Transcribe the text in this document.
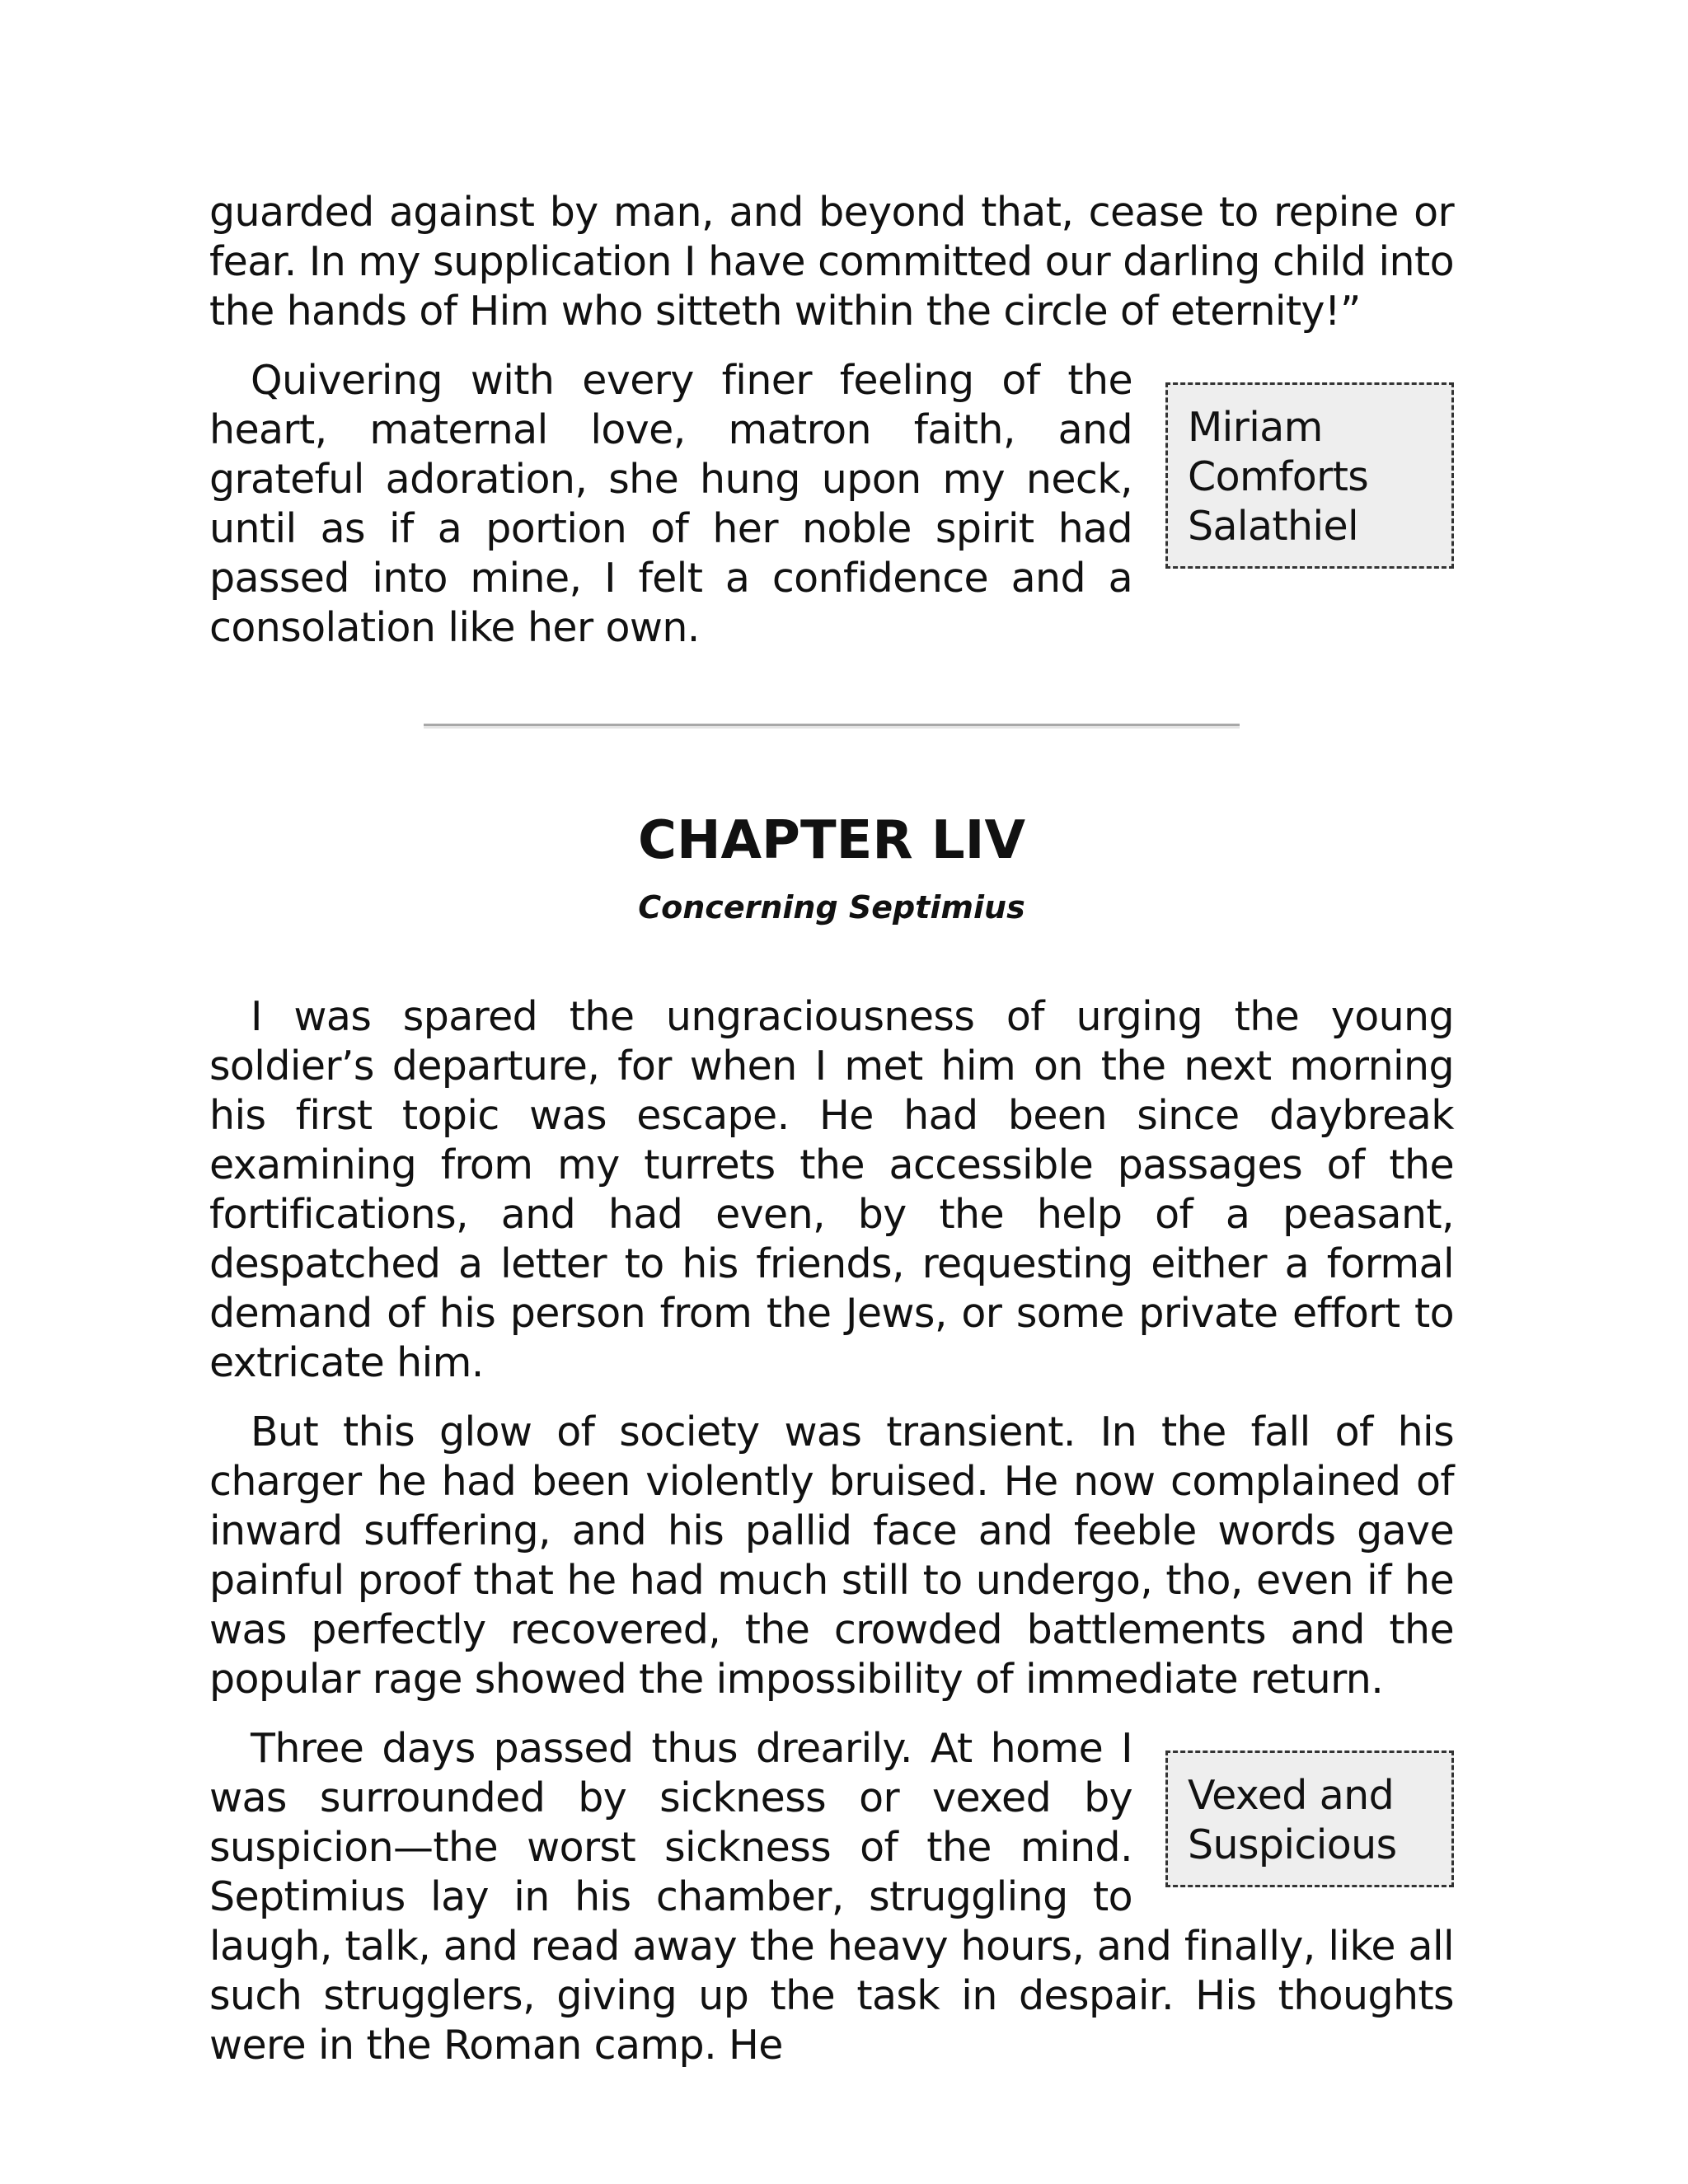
guarded against by man, and beyond that, cease to repine or fear. In my supplication I have committed our darling child into the hands of Him who sitteth within the circle of eternity!”

Miriam Comforts Salathiel

Quivering with every finer feeling of the heart, maternal love, matron faith, and grateful adoration, she hung upon my neck, until as if a portion of her noble spirit had passed into mine, I felt a confidence and a consolation like her own.

CHAPTER LIV
Concerning Septimius

I was spared the ungraciousness of urging the young soldier’s departure, for when I met him on the next morning his first topic was escape. He had been since daybreak examining from my turrets the accessible passages of the fortifications, and had even, by the help of a peasant, despatched a letter to his friends, requesting either a formal demand of his person from the Jews, or some private effort to extricate him.

But this glow of society was transient. In the fall of his charger he had been violently bruised. He now complained of inward suffering, and his pallid face and feeble words gave painful proof that he had much still to undergo, tho, even if he was perfectly recovered, the crowded battlements and the popular rage showed the impossibility of immediate return.

Vexed and Suspicious

Three days passed thus drearily. At home I was surrounded by sickness or vexed by suspicion—the worst sickness of the mind. Septimius lay in his chamber, struggling to laugh, talk, and read away the heavy hours, and finally, like all such strugglers, giving up the task in despair. His thoughts were in the Roman camp. He
